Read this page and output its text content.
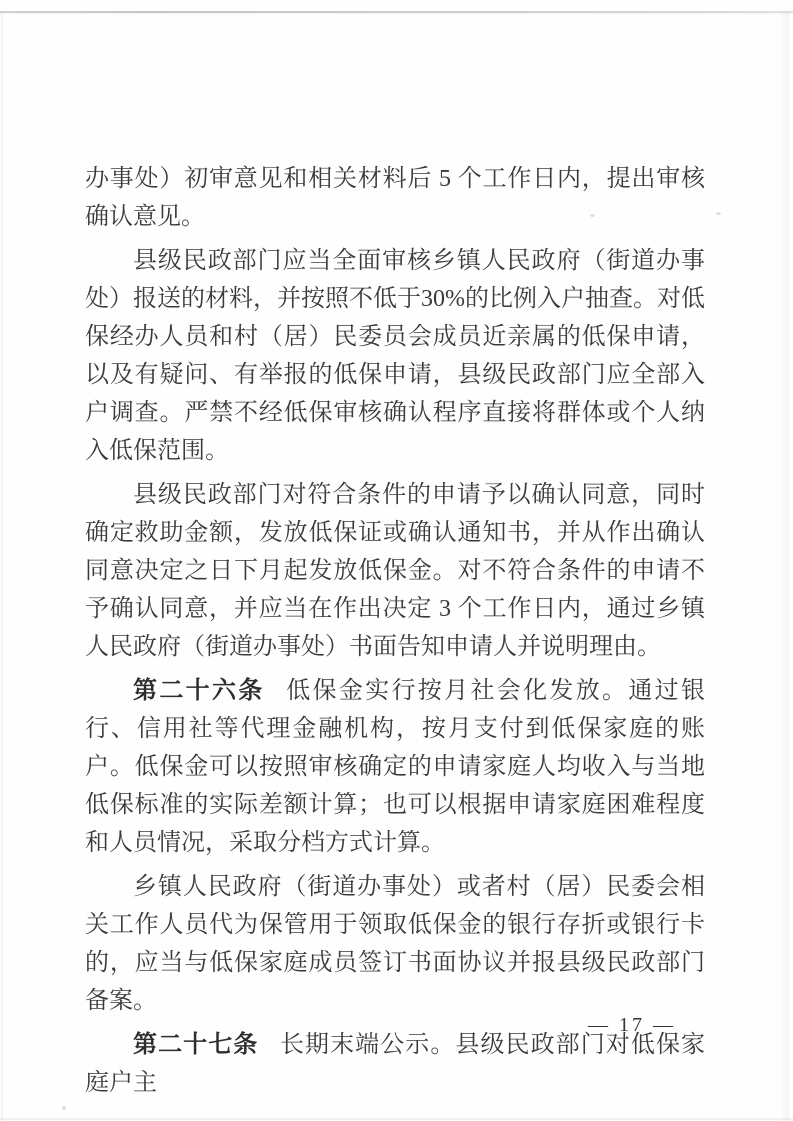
办事处）初审意见和相关材料后 5 个工作日内，提出审核确认意见。

县级民政部门应当全面审核乡镇人民政府（街道办事处）报送的材料，并按照不低于30%的比例入户抽查。对低保经办人员和村（居）民委员会成员近亲属的低保申请，以及有疑问、有举报的低保申请，县级民政部门应全部入户调查。严禁不经低保审核确认程序直接将群体或个人纳入低保范围。

县级民政部门对符合条件的申请予以确认同意，同时确定救助金额，发放低保证或确认通知书，并从作出确认同意决定之日下月起发放低保金。对不符合条件的申请不予确认同意，并应当在作出决定 3 个工作日内，通过乡镇人民政府（街道办事处）书面告知申请人并说明理由。

第二十六条 低保金实行按月社会化发放。通过银行、信用社等代理金融机构，按月支付到低保家庭的账户。低保金可以按照审核确定的申请家庭人均收入与当地低保标准的实际差额计算；也可以根据申请家庭困难程度和人员情况，采取分档方式计算。

乡镇人民政府（街道办事处）或者村（居）民委会相关工作人员代为保管用于领取低保金的银行存折或银行卡的，应当与低保家庭成员签订书面协议并报县级民政部门备案。

第二十七条 长期末端公示。县级民政部门对低保家庭户主

— 17 —
